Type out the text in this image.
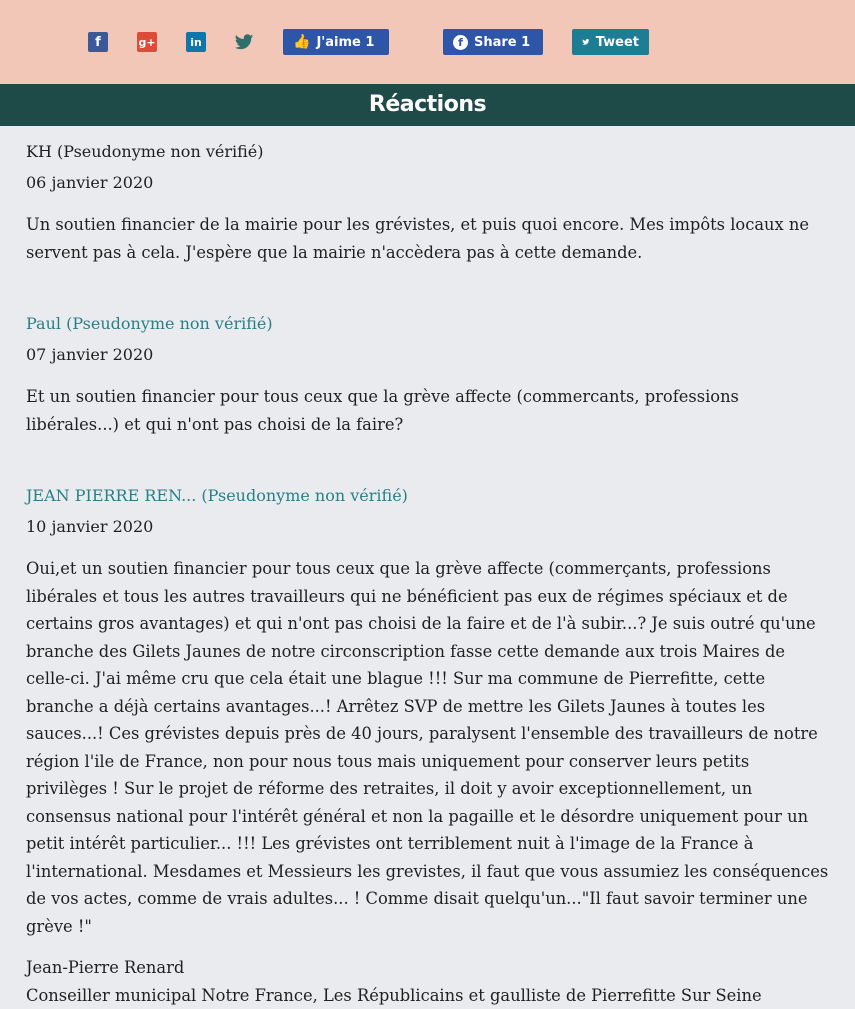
f	g+	in	👍 J'aime 1	f Share 1	Tweet
Réactions
KH (Pseudonyme non vérifié)
06 janvier 2020
Un soutien financier de la mairie pour les grévistes, et puis quoi encore. Mes impôts locaux ne servent pas à cela. J'espère que la mairie n'accèdera pas à cette demande.
Paul (Pseudonyme non vérifié)
07 janvier 2020
Et un soutien financier pour tous ceux que la grève affecte (commercants, professions libérales...) et qui n'ont pas choisi de la faire?
JEAN PIERRE REN... (Pseudonyme non vérifié)
10 janvier 2020
Oui,et un soutien financier pour tous ceux que la grève affecte (commerçants, professions libérales et tous les autres travailleurs qui ne bénéficient pas eux de régimes spéciaux et de certains gros avantages) et qui n'ont pas choisi de la faire et de l'à subir...? Je suis outré qu'une branche des Gilets Jaunes de notre circonscription fasse cette demande aux trois Maires de celle-ci. J'ai même cru que cela était une blague !!! Sur ma commune de Pierrefitte, cette branche a déjà certains avantages...! Arrêtez SVP de mettre les Gilets Jaunes à toutes les sauces...! Ces grévistes depuis près de 40 jours, paralysent l'ensemble des travailleurs de notre région l'ile de France, non pour nous tous mais uniquement pour conserver leurs petits privilèges ! Sur le projet de réforme des retraites, il doit y avoir exceptionnellement, un consensus national pour l'intérêt général et non la pagaille et le désordre uniquement pour un petit intérêt particulier... !!! Les grévistes ont terriblement nuit à l'image de la France à l'international. Mesdames et Messieurs les grevistes, il faut que vous assumiez les conséquences de vos actes, comme de vrais adultes... ! Comme disait quelqu'un..."Il faut savoir terminer une grève !"
Jean-Pierre Renard
Conseiller municipal Notre France, Les Républicains et gaulliste de Pierrefitte Sur Seine
